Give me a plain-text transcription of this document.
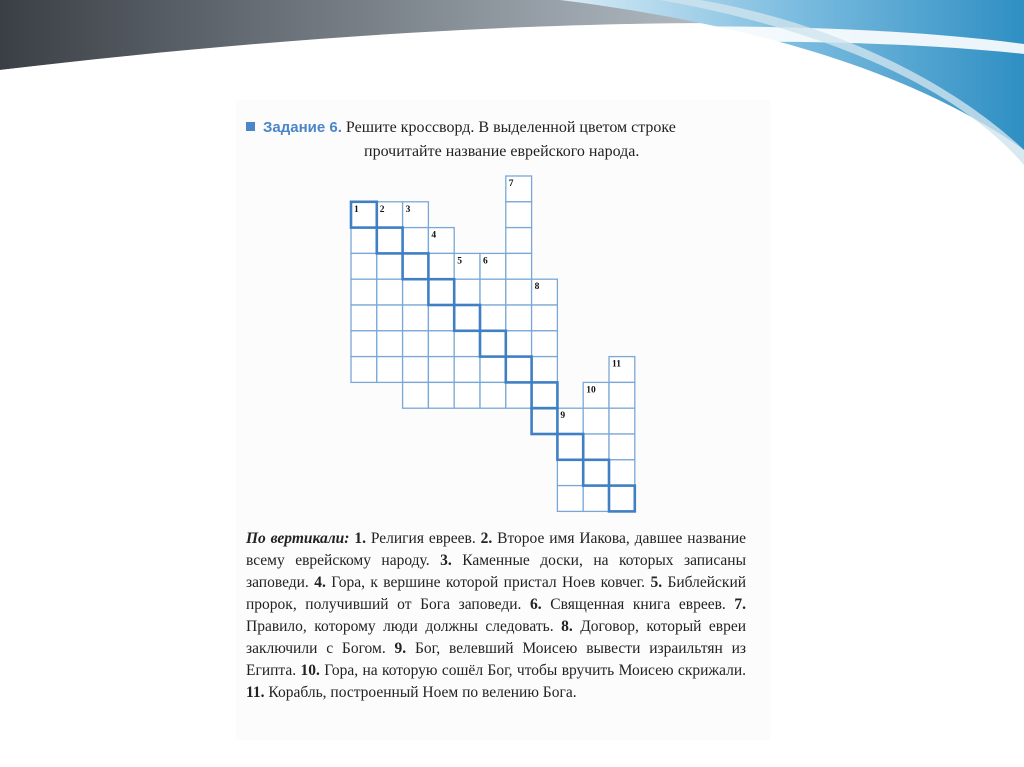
Задание 6. Решите кроссворд. В выделенной цветом строке
прочитайте название еврейского народа.
1 2 3
4
5 6
7
8
9
10
11
По вертикали: 1. Религия евреев. 2. Второе имя Иакова, давшее название всему еврейскому народу. 3. Каменные доски, на которых записаны заповеди. 4. Гора, к вершине которой пристал Ноев ковчег. 5. Библейский пророк, получивший от Бога заповеди. 6. Священная книга евреев. 7. Правило, которому люди должны следовать. 8. Договор, который евреи заключили с Богом. 9. Бог, велевший Моисею вывести израильтян из Египта. 10. Гора, на которую сошёл Бог, чтобы вручить Моисею скрижали. 11. Корабль, построенный Ноем по велению Бога.
